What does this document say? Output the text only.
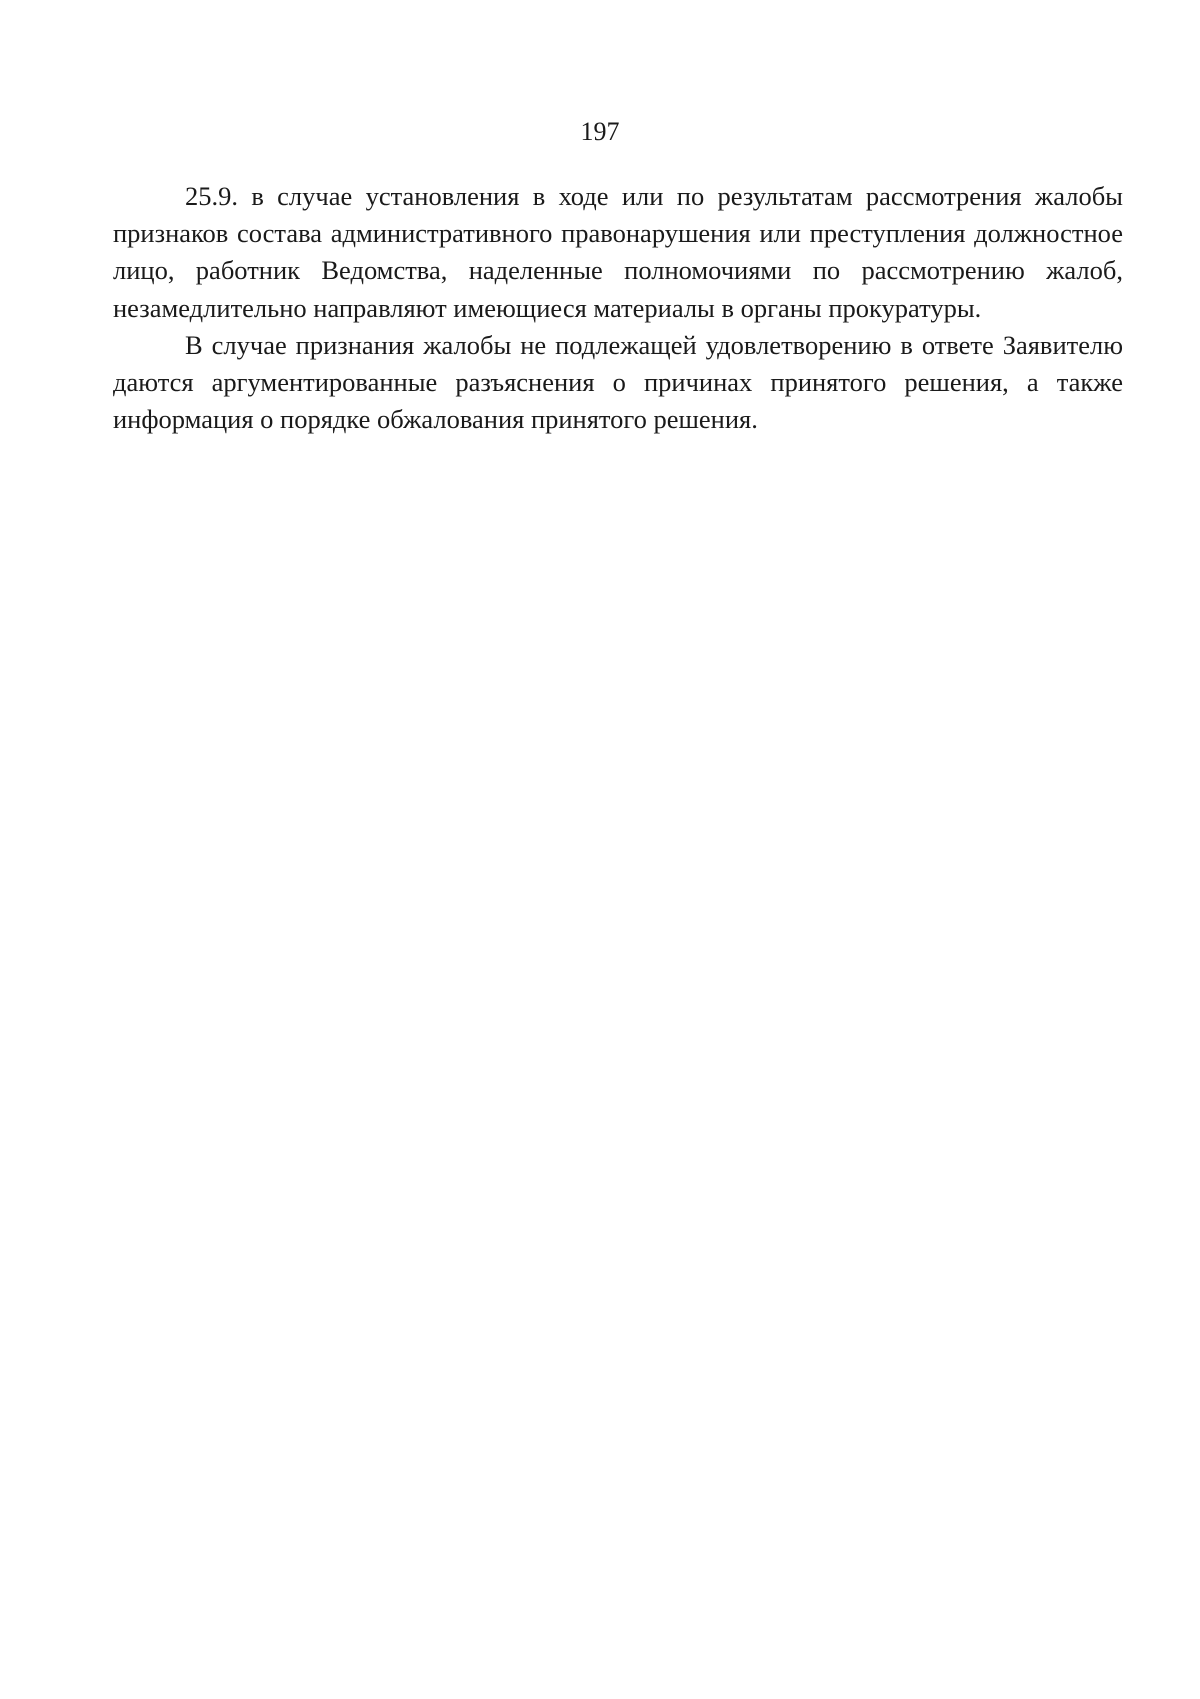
197

25.9. в случае установления в ходе или по результатам рассмотрения жалобы признаков состава административного правонарушения или преступления должностное лицо, работник Ведомства, наделенные полномочиями по рассмотрению жалоб, незамедлительно направляют имеющиеся материалы в органы прокуратуры.

В случае признания жалобы не подлежащей удовлетворению в ответе Заявителю даются аргументированные разъяснения о причинах принятого решения, а также информация о порядке обжалования принятого решения.
